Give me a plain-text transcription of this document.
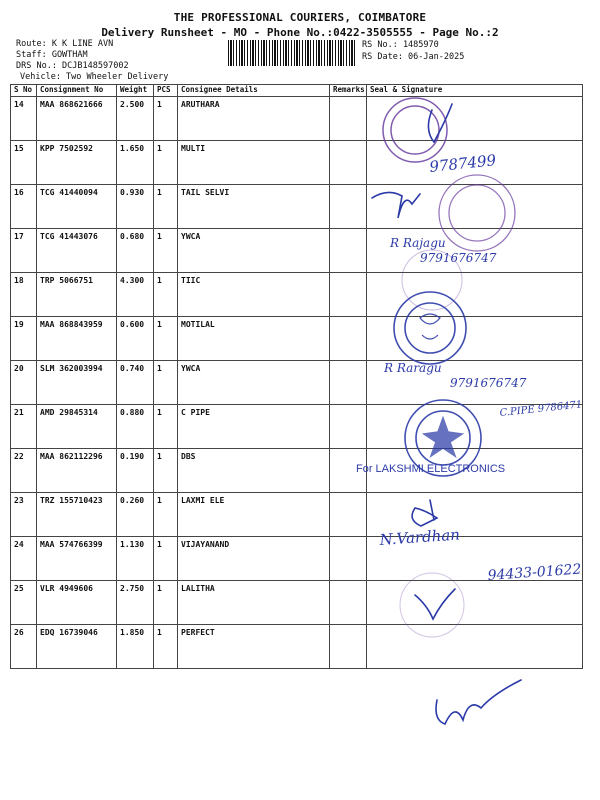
THE PROFESSIONAL COURIERS, COIMBATORE
Delivery Runsheet - MO - Phone No.:0422-3505555 - Page No.:2
Route: K K LINE AVN
Staff: GOWTHAM
DRS No.: DCJB148597002
Vehicle: Two Wheeler Delivery
RS No.: 1485970
RS Date: 06-Jan-2025
S No	Consignment No	Weight	PCS	Consignee Details	Remarks	Seal & Signature
14	MAA 868621666	2.500	1	ARUTHARA		
15	KPP 7502592	1.650	1	MULTI		
16	TCG 41440094	0.930	1	TAIL SELVI		
17	TCG 41443076	0.680	1	YWCA		
18	TRP 5066751	4.300	1	TIIC		
19	MAA 868843959	0.600	1	MOTILAL		
20	SLM 362003994	0.740	1	YWCA		
21	AMD 29845314	0.880	1	C PIPE		
22	MAA 862112296	0.190	1	DBS		
23	TRZ 155710423	0.260	1	LAXMI ELE		
24	MAA 574766399	1.130	1	VIJAYANAND		
25	VLR 4949606	2.750	1	LALITHA		
26	EDQ 16739046	1.850	1	PERFECT		
9787499
R Rajagu
9791676747
R Raragu
9791676747
C.PIPE 9786471
For LAKSHMI ELECTRONICS
N.Vardhan
94433-01622
